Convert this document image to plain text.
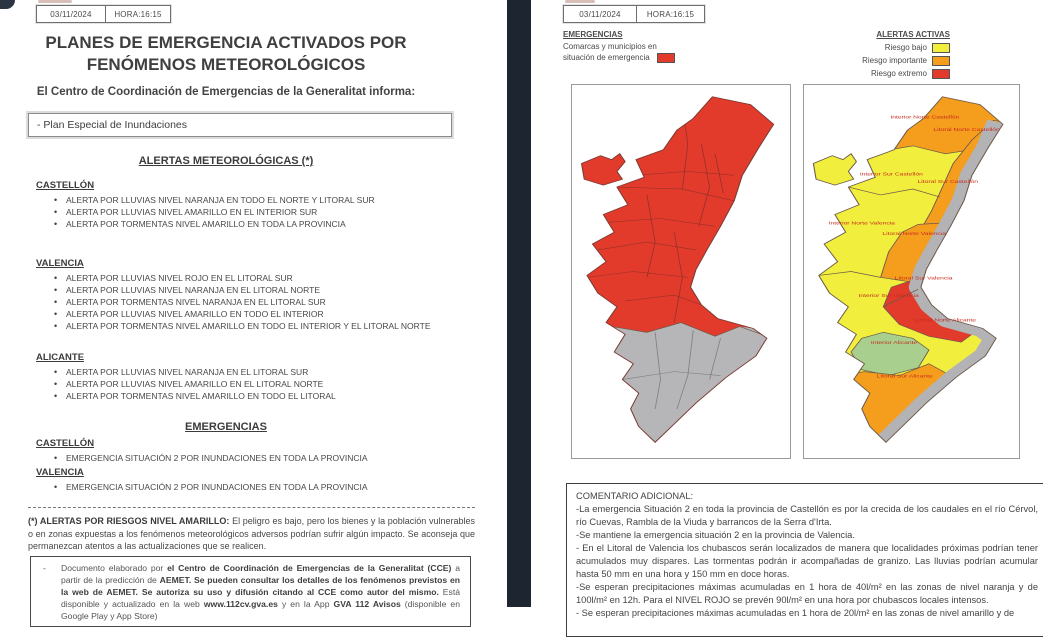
03/11/2024	HORA:16:15
PLANES DE EMERGENCIA ACTIVADOS POR
FENÓMENOS METEOROLÓGICOS
El Centro de Coordinación de Emergencias de la Generalitat informa:
- Plan Especial de Inundaciones
ALERTAS METEOROLÓGICAS (*)
CASTELLÓN
• ALERTA POR LLUVIAS NIVEL NARANJA EN TODO EL NORTE Y LITORAL SUR
• ALERTA POR LLUVIAS NIVEL AMARILLO EN EL INTERIOR SUR
• ALERTA POR TORMENTAS NIVEL AMARILLO EN TODA LA PROVINCIA
VALENCIA
• ALERTA POR LLUVIAS NIVEL ROJO EN EL LITORAL SUR
• ALERTA POR LLUVIAS NIVEL NARANJA EN EL LITORAL NORTE
• ALERTA POR TORMENTAS NIVEL NARANJA EN EL LITORAL SUR
• ALERTA POR LLUVIAS NIVEL AMARILLO EN TODO EL INTERIOR
• ALERTA POR TORMENTAS NIVEL AMARILLO EN TODO EL INTERIOR Y EL LITORAL NORTE
ALICANTE
• ALERTA POR LLUVIAS NIVEL NARANJA EN EL LITORAL SUR
• ALERTA POR LLUVIAS NIVEL AMARILLO EN EL LITORAL NORTE
• ALERTA POR TORMENTAS NIVEL AMARILLO EN TODO EL LITORAL
EMERGENCIAS
CASTELLÓN
• EMERGENCIA SITUACIÓN 2 POR INUNDACIONES EN TODA LA PROVINCIA
VALENCIA
• EMERGENCIA SITUACIÓN 2 POR INUNDACIONES EN TODA LA PROVINCIA
(*) ALERTAS POR RIESGOS NIVEL AMARILLO: El peligro es bajo, pero los bienes y la población vulnerables o en zonas expuestas a los fenómenos meteorológicos adversos podrían sufrir algún impacto. Se aconseja que permanezcan atentos a las actualizaciones que se realicen.
- Documento elaborado por el Centro de Coordinación de Emergencias de la Generalitat (CCE) a partir de la predicción de AEMET. Se pueden consultar los detalles de los fenómenos previstos en la web de AEMET. Se autoriza su uso y difusión citando al CCE como autor del mismo. Está disponible y actualizado en la web www.112cv.gva.es y en la App GVA 112 Avisos (disponible en Google Play y App Store)
03/11/2024	HORA:16:15
EMERGENCIAS
Comarcas y municipios en
situación de emergencia
ALERTAS ACTIVAS
Riesgo bajo
Riesgo importante
Riesgo extremo
Interior Norte Castellón
Litoral Norte Castellón
Litoral Sur Castellón
Interior Sur Castellón
Interior Norte Valencia
Litoral Norte Valencia
Litoral Sur Valencia
Interior Sur Valencia
Litoral Norte Alicante
Interior Alicante
Litoral Sur Alicante

COMENTARIO ADICIONAL:

-La emergencia Situación 2 en toda la provincia de Castellón es por la crecida de los caudales en el río Cérvol, río Cuevas, Rambla de la Viuda y barrancos de la Serra d'Irta.

-Se mantiene la emergencia situación 2 en la provincia de Valencia.

- En el Litoral de Valencia los chubascos serán localizados de manera que localidades próximas podrían tener acumulados muy dispares. Las tormentas podrán ir acompañadas de granizo. Las lluvias podrían acumular hasta 50 mm en una hora y 150 mm en doce horas.

-Se esperan precipitaciones máximas acumuladas en 1 hora de 40l/m² en las zonas de nivel naranja y de 100l/m² en 12h. Para el NIVEL ROJO se prevén 90l/m² en una hora por chubascos locales intensos.

- Se esperan precipitaciones máximas acumuladas en 1 hora de 20l/m² en las zonas de nivel amarillo y de
